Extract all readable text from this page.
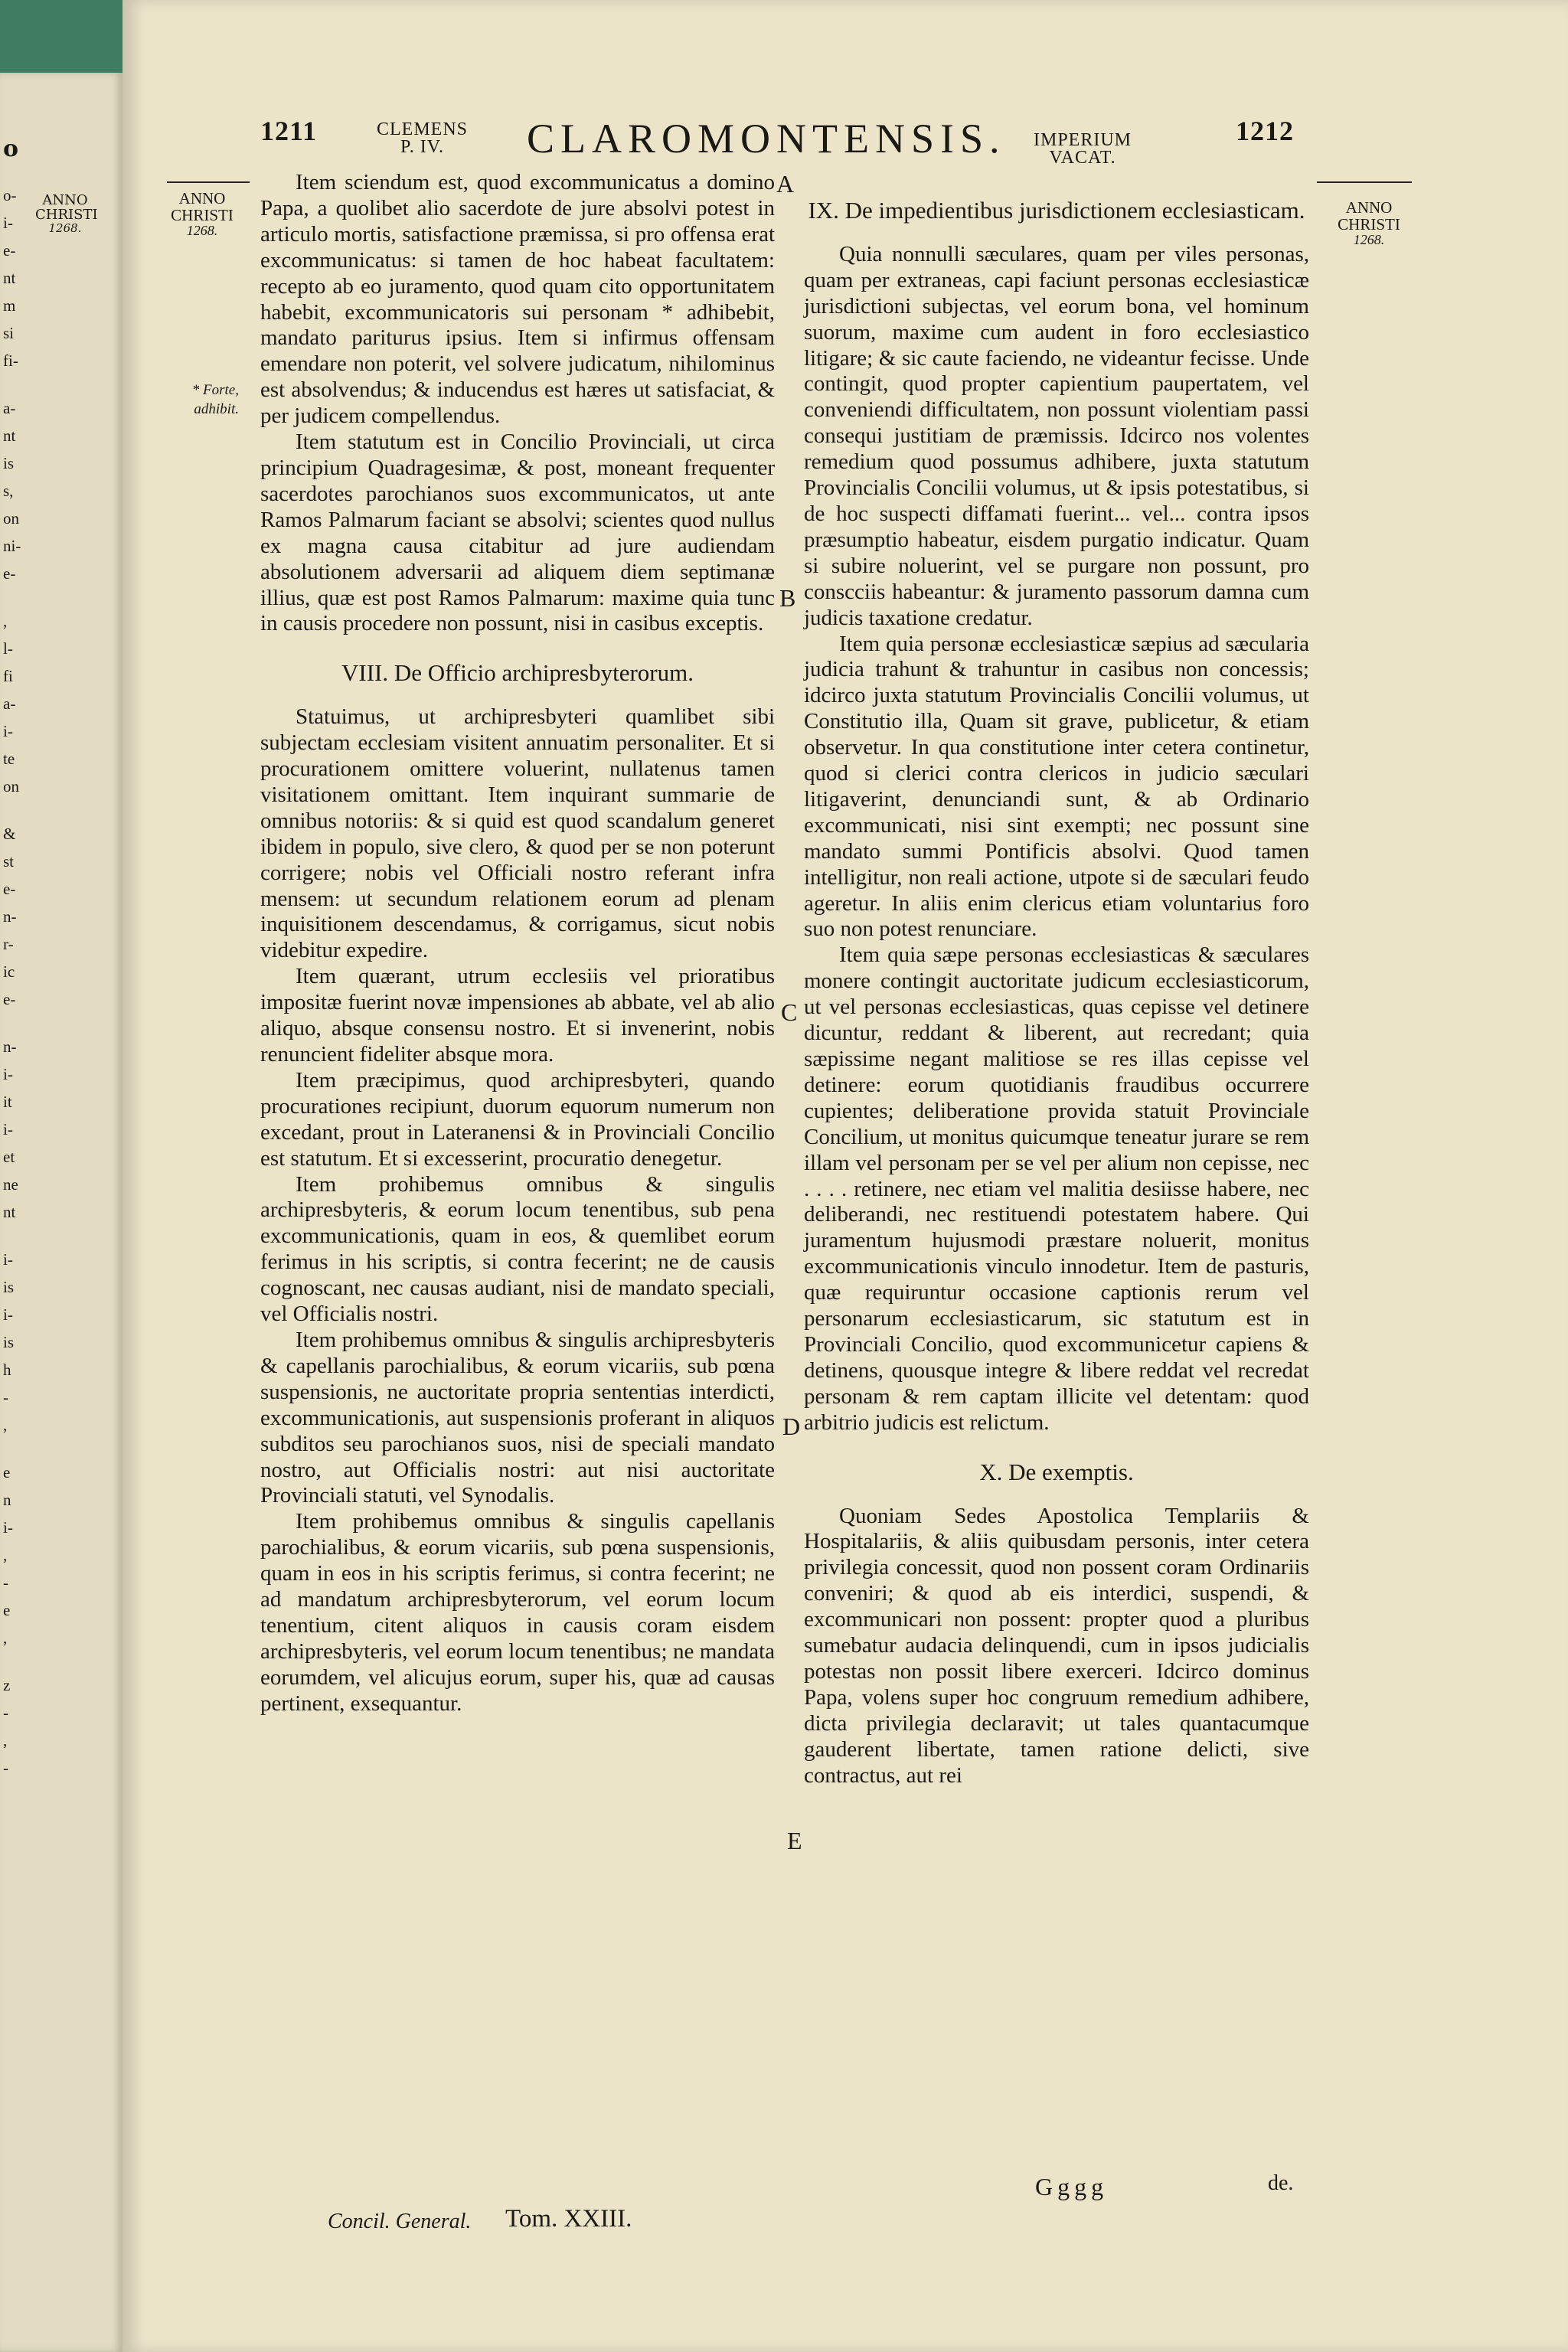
o
ANNO
CHRISTI
1268.
o-
i-
e-
nt
m
si
fi-
a-
nt
is
s,
on
ni-
e-
,
l-
fi
a-
i-
te
on
&
st
e-
n-
r-
ic
e-
n-
i-
it
i-
et
ne
nt
i-
is
i-
is
h
-
,
e
n
i-
,
-
e
,
z
-
,
-
1211	CLEMENS
P. IV.	CLAROMONTENSIS. IMPERIUM
VACAT.
1212
ANNO
CHRISTI
1268.
ANNO
CHRISTI
1268.
* Forte,
adhibit.
A
B
C
D
E

Item sciendum est, quod excommunicatus a domino Papa, a quolibet alio sacerdote de jure absolvi potest in articulo mortis, satisfactione præmissa, si pro offensa erat excommunicatus: si tamen de hoc habeat facultatem: recepto ab eo juramento, quod quam cito opportunitatem habebit, excommunicatoris sui personam * adhibebit, mandato pariturus ipsius. Item si infirmus offensam emendare non poterit, vel solvere judicatum, nihilominus est absolvendus; & inducendus est hæres ut satisfaciat, & per judicem compellendus.

Item statutum est in Concilio Provinciali, ut circa principium Quadragesimæ, & post, moneant frequenter sacerdotes parochianos suos excommunicatos, ut ante Ramos Palmarum faciant se absolvi; scientes quod nullus ex magna causa citabitur ad jure audiendam absolutionem adversarii ad aliquem diem septimanæ illius, quæ est post Ramos Palmarum: maxime quia tunc in causis procedere non possunt, nisi in casibus exceptis.

VIII. De Officio archipresbyterorum.

Statuimus, ut archipresbyteri quamlibet sibi subjectam ecclesiam visitent annuatim personaliter. Et si procurationem omittere voluerint, nullatenus tamen visitationem omittant. Item inquirant summarie de omnibus notoriis: & si quid est quod scandalum generet ibidem in populo, sive clero, & quod per se non poterunt corrigere; nobis vel Officiali nostro referant infra mensem: ut secundum relationem eorum ad plenam inquisitionem descendamus, & corrigamus, sicut nobis videbitur expedire.

Item quærant, utrum ecclesiis vel prioratibus impositæ fuerint novæ impensiones ab abbate, vel ab alio aliquo, absque consensu nostro. Et si invenerint, nobis renuncient fideliter absque mora.

Item præcipimus, quod archipresbyteri, quando procurationes recipiunt, duorum equorum numerum non excedant, prout in Lateranensi & in Provinciali Concilio est statutum. Et si excesserint, procuratio denegetur.

Item prohibemus omnibus & singulis archipresbyteris, & eorum locum tenentibus, sub pena excommunicationis, quam in eos, & quemlibet eorum ferimus in his scriptis, si contra fecerint; ne de causis cognoscant, nec causas audiant, nisi de mandato speciali, vel Officialis nostri.

Item prohibemus omnibus & singulis archipresbyteris & capellanis parochialibus, & eorum vicariis, sub pœna suspensionis, ne auctoritate propria sententias interdicti, excommunicationis, aut suspensionis proferant in aliquos subditos seu parochianos suos, nisi de speciali mandato nostro, aut Officialis nostri: aut nisi auctoritate Provinciali statuti, vel Synodalis.

Item prohibemus omnibus & singulis capellanis parochialibus, & eorum vicariis, sub pœna suspensionis, quam in eos in his scriptis ferimus, si contra fecerint; ne ad mandatum archipresbyterorum, vel eorum locum tenentium, citent aliquos in causis coram eisdem archipresbyteris, vel eorum locum tenentibus; ne mandata eorumdem, vel alicujus eorum, super his, quæ ad causas pertinent, exsequantur.

IX. De impedientibus jurisdictionem ecclesiasticam.

Quia nonnulli sæculares, quam per viles personas, quam per extraneas, capi faciunt personas ecclesiasticæ jurisdictioni subjectas, vel eorum bona, vel hominum suorum, maxime cum audent in foro ecclesiastico litigare; & sic caute faciendo, ne videantur fecisse. Unde contingit, quod propter capientium paupertatem, vel conveniendi difficultatem, non possunt violentiam passi consequi justitiam de præmissis. Idcirco nos volentes remedium quod possumus adhibere, juxta statutum Provincialis Concilii volumus, ut & ipsis potestatibus, si de hoc suspecti diffamati fuerint... vel... contra ipsos præsumptio habeatur, eisdem purgatio indicatur. Quam si subire noluerint, vel se purgare non possunt, pro conscciis habeantur: & juramento passorum damna cum judicis taxatione credatur.

Item quia personæ ecclesiasticæ sæpius ad sæcularia judicia trahunt & trahuntur in casibus non concessis; idcirco juxta statutum Provincialis Concilii volumus, ut Constitutio illa, Quam sit grave, publicetur, & etiam observetur. In qua constitutione inter cetera continetur, quod si clerici contra clericos in judicio sæculari litigaverint, denunciandi sunt, & ab Ordinario excommunicati, nisi sint exempti; nec possunt sine mandato summi Pontificis absolvi. Quod tamen intelligitur, non reali actione, utpote si de sæculari feudo ageretur. In aliis enim clericus etiam voluntarius foro suo non potest renunciare.

Item quia sæpe personas ecclesiasticas & sæculares monere contingit auctoritate judicum ecclesiasticorum, ut vel personas ecclesiasticas, quas cepisse vel detinere dicuntur, reddant & liberent, aut recredant; quia sæpissime negant malitiose se res illas cepisse vel detinere: eorum quotidianis fraudibus occurrere cupientes; deliberatione provida statuit Provinciale Concilium, ut monitus quicumque teneatur jurare se rem illam vel personam per se vel per alium non cepisse, nec . . . . retinere, nec etiam vel malitia desiisse habere, nec deliberandi, nec restituendi potestatem habere. Qui juramentum hujusmodi præstare noluerit, monitus excommunicationis vinculo innodetur. Item de pasturis, quæ requiruntur occasione captionis rerum vel personarum ecclesiasticarum, sic statutum est in Provinciali Concilio, quod excommunicetur capiens & detinens, quousque integre & libere reddat vel recredat personam & rem captam illicite vel detentam: quod arbitrio judicis est relictum.

X. De exemptis.

Quoniam Sedes Apostolica Templariis & Hospitalariis, & aliis quibusdam personis, inter cetera privilegia concessit, quod non possent coram Ordinariis conveniri; & quod ab eis interdici, suspendi, & excommunicari non possent: propter quod a pluribus sumebatur audacia delinquendi, cum in ipsos judicialis potestas non possit libere exerceri. Idcirco dominus Papa, volens super hoc congruum remedium adhibere, dicta privilegia declaravit; ut tales quantacumque gauderent libertate, tamen ratione delicti, sive contractus, aut rei

Concil. General. Tom. XXIII.
Gggg	de.
